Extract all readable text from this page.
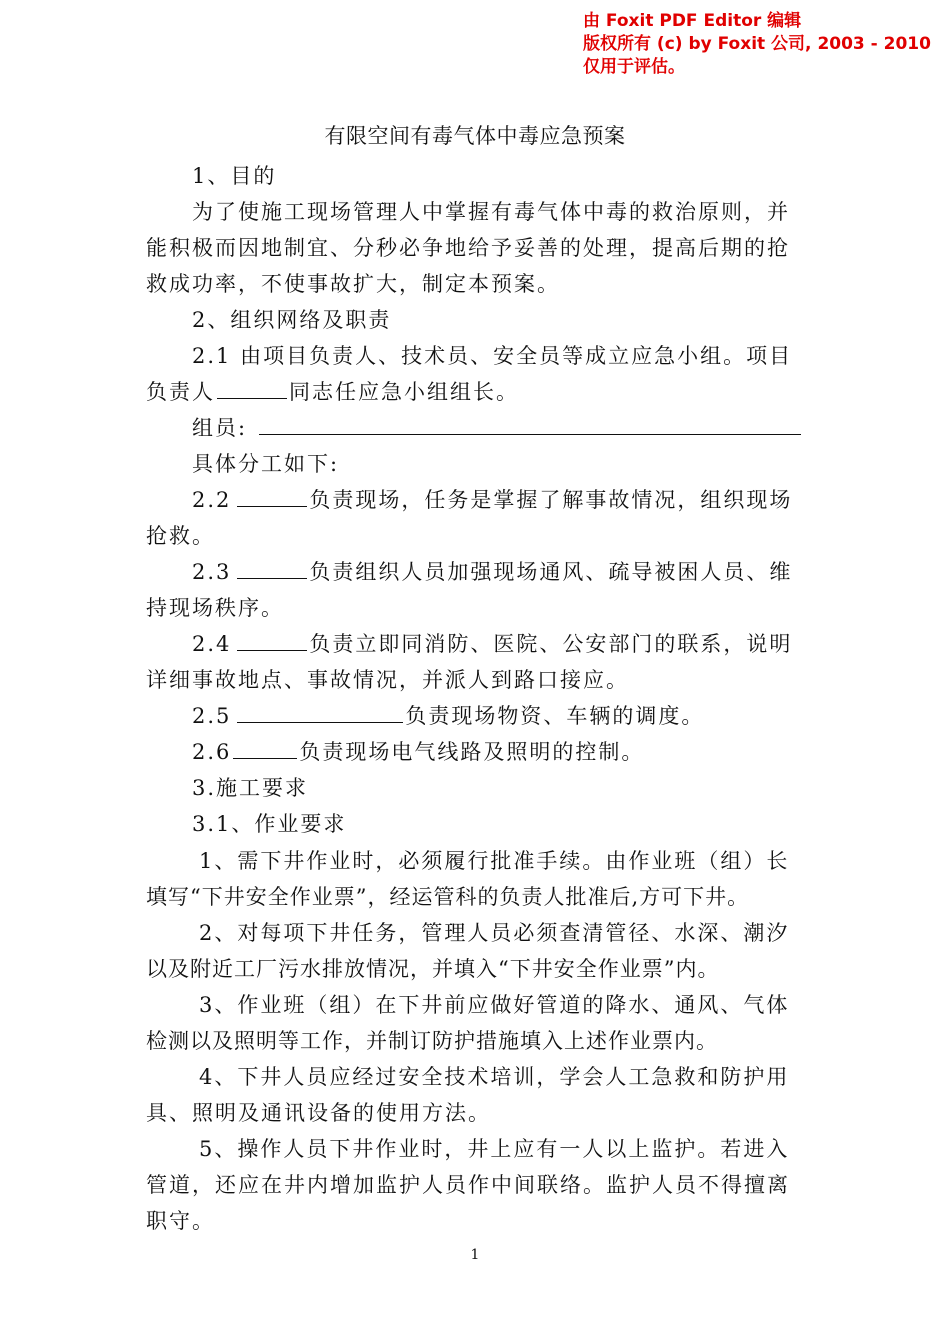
由 Foxit PDF Editor 编辑
版权所有 (c) by Foxit 公司, 2003 - 2010
仅用于评估。
有限空间有毒气体中毒应急预案
1、目的
为了使施工现场管理人中掌握有毒气体中毒的救治原则，并
能积极而因地制宜、分秒必争地给予妥善的处理，提高后期的抢
救成功率，不使事故扩大，制定本预案。
2、组织网络及职责
2.1 由项目负责人、技术员、安全员等成立应急小组。项目
负责人	同志任应急小组组长。
组员:
具体分工如下:
2.2	负责现场，任务是掌握了解事故情况，组织现场
抢救。
2.3	负责组织人员加强现场通风、疏导被困人员、维
持现场秩序。
2.4	负责立即同消防、医院、公安部门的联系，说明
详细事故地点、事故情况，并派人到路口接应。
2.5	负责现场物资、车辆的调度。
2.6	负责现场电气线路及照明的控制。
3.施工要求
3.1、作业要求
1、需下井作业时，必须履行批准手续。由作业班（组）长
填写“下井安全作业票”，经运管科的负责人批准后,方可下井。
2、对每项下井任务，管理人员必须查清管径、水深、潮汐
以及附近工厂污水排放情况，并填入“下井安全作业票”内。
3、作业班（组）在下井前应做好管道的降水、通风、气体
检测以及照明等工作，并制订防护措施填入上述作业票内。
4、下井人员应经过安全技术培训，学会人工急救和防护用
具、照明及通讯设备的使用方法。
5、操作人员下井作业时，井上应有一人以上监护。若进入
管道，还应在井内增加监护人员作中间联络。监护人员不得擅离
职守。
1
